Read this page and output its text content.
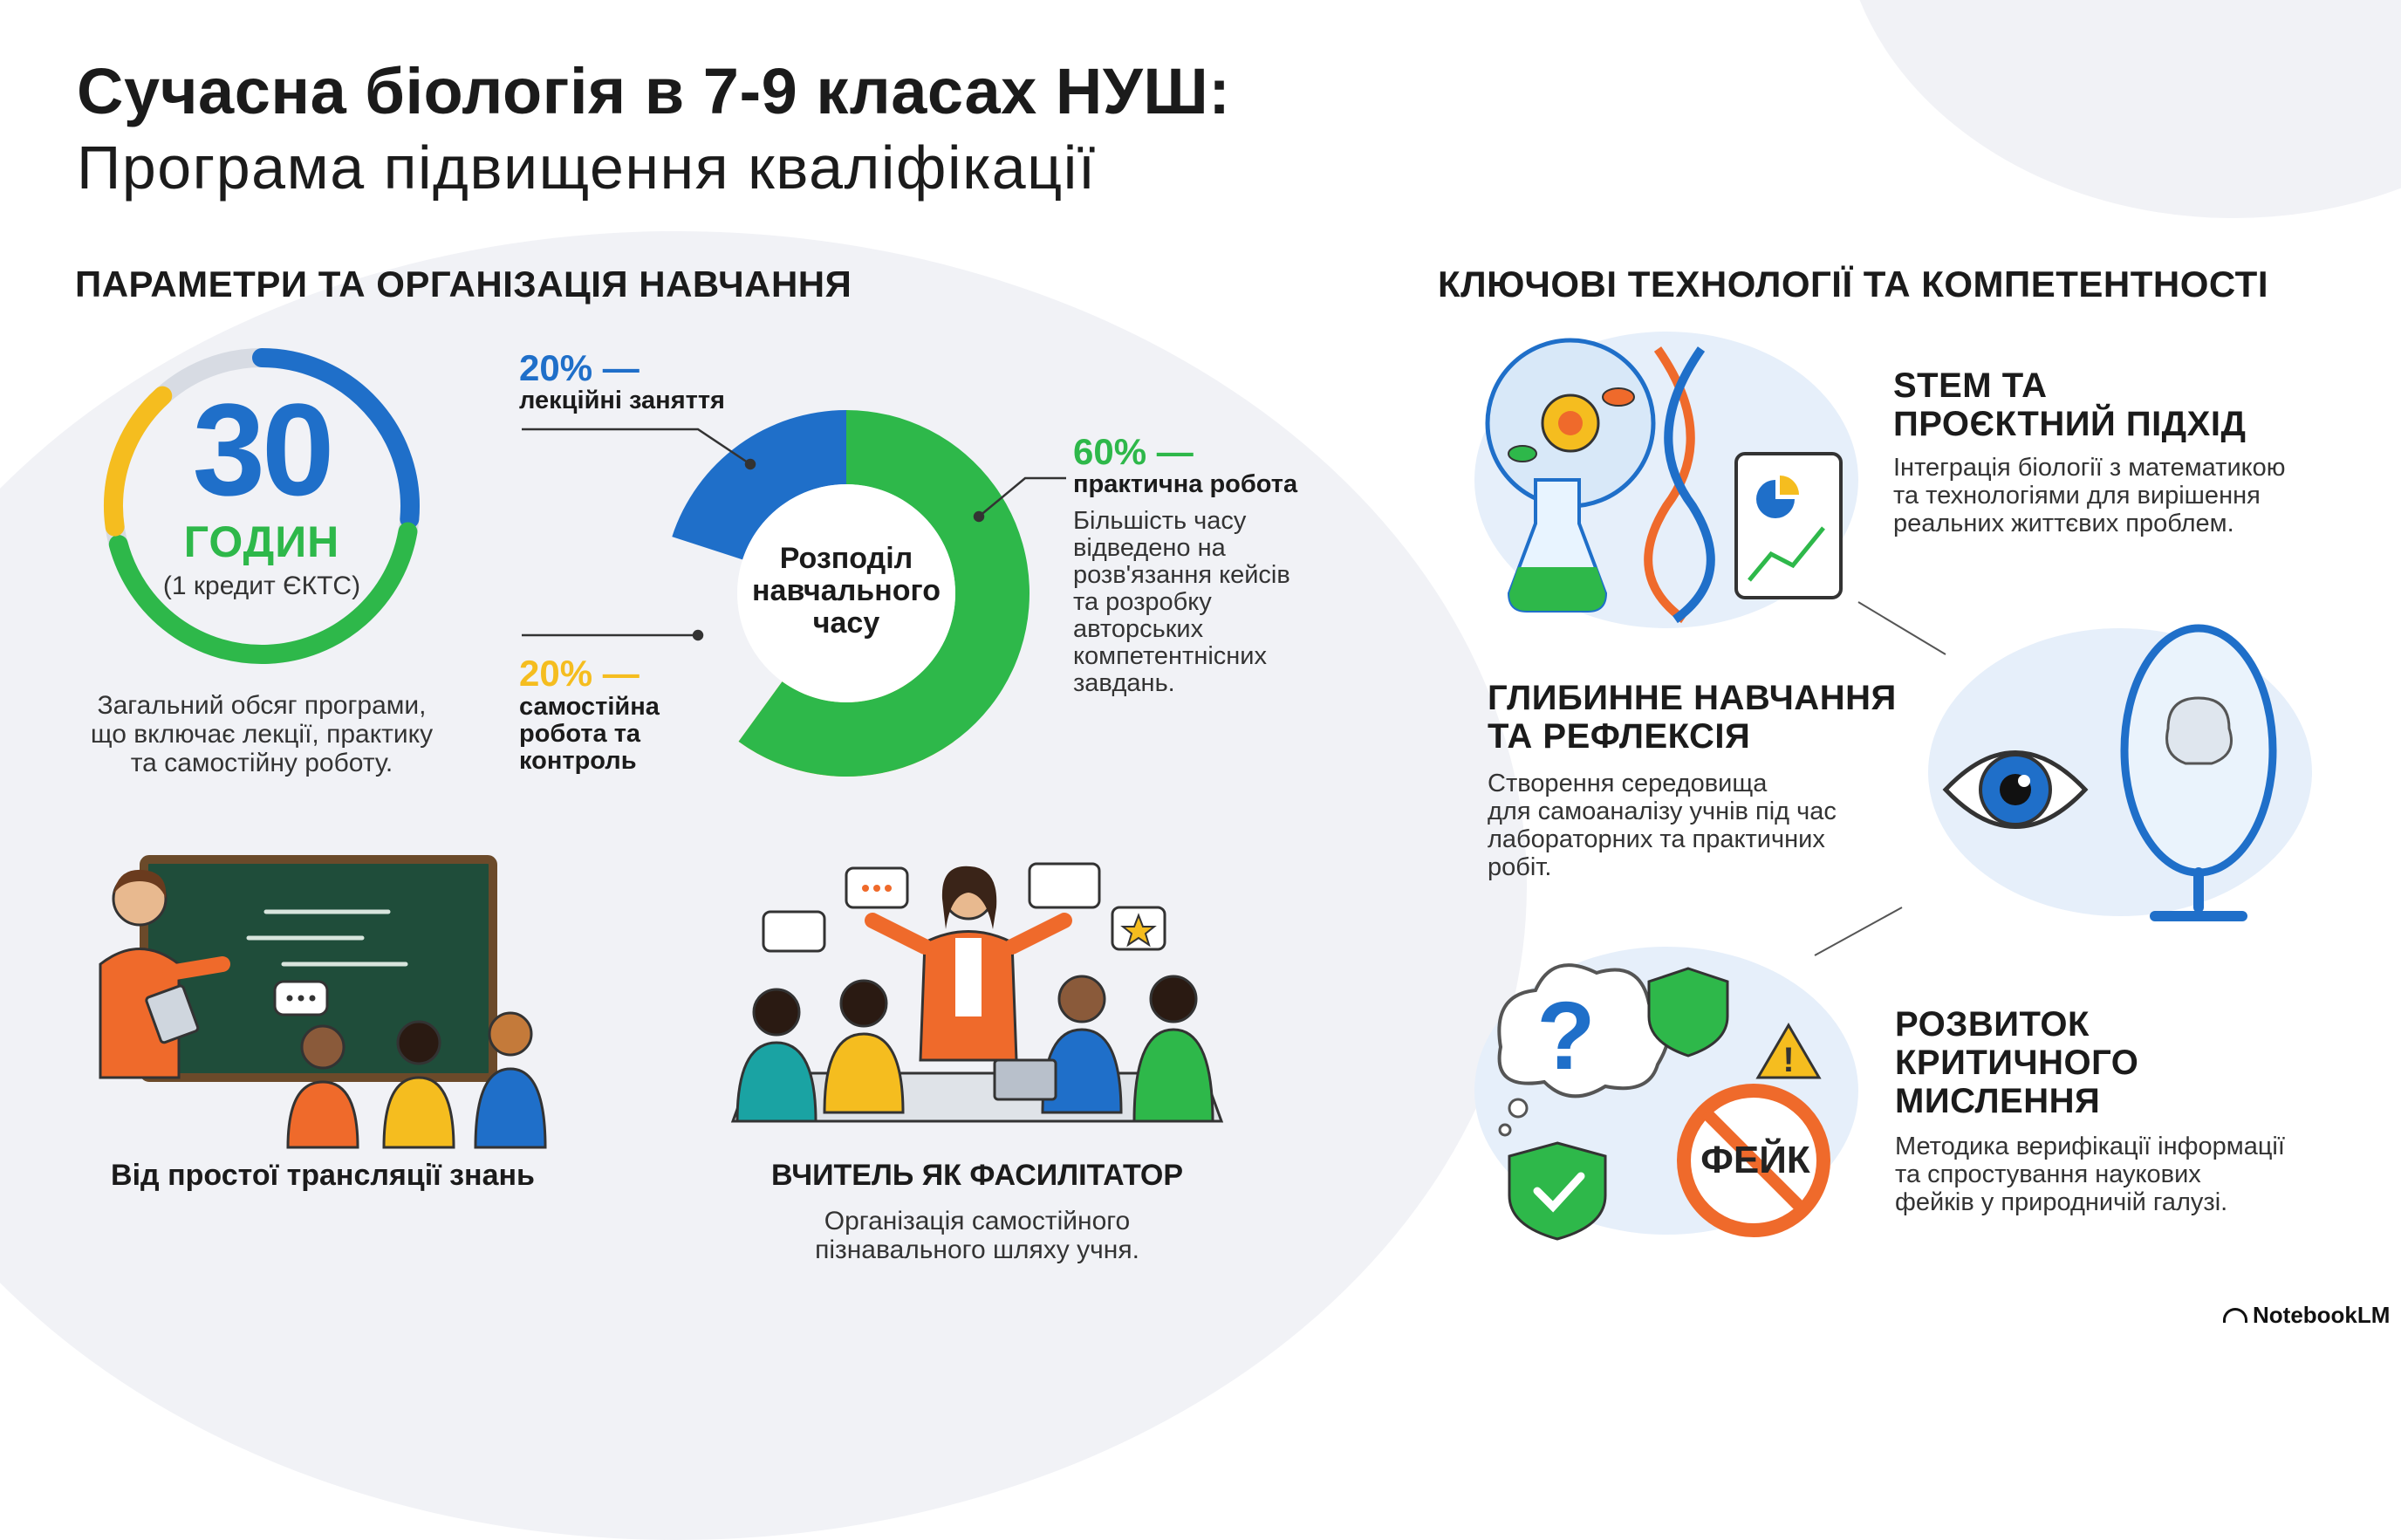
Сучасна біологія в 7-9 класах НУШ:
Програма підвищення кваліфікації
ПАРАМЕТРИ ТА ОРГАНІЗАЦІЯ НАВЧАННЯ	КЛЮЧОВІ ТЕХНОЛОГІЇ ТА КОМПЕТЕНТНОСТІ
30
ГОДИН
(1 кредит ЄКТС)
Загальний обсяг програми,
що включає лекції, практику
та самостійну роботу.
Розподіл
навчального
часу
20% —
лекційні заняття
20% —
самостійна
робота та
контроль
60% —
практична робота
Більшість часу
відведено на
розв'язання кейсів
та розробку
авторських
компетентнісних
завдань.
Від простої трансляції знань	ВЧИТЕЛЬ ЯК ФАСИЛІТАТОР
Організація самостійного
пізнавального шляху учня.
STEM ТА
ПРОЄКТНИЙ ПІДХІД
Інтеграція біології з математикою
та технологіями для вирішення
реальних життєвих проблем.
ГЛИБИННЕ НАВЧАННЯ
ТА РЕФЛЕКСІЯ
Створення середовища
для самоаналізу учнів під час
лабораторних та практичних
робіт.
?	!
ФЕЙК
РОЗВИТОК
КРИТИЧНОГО
МИСЛЕННЯ
Методика верифікації інформації
та спростування наукових
фейків у природничій галузі.
NotebookLM
